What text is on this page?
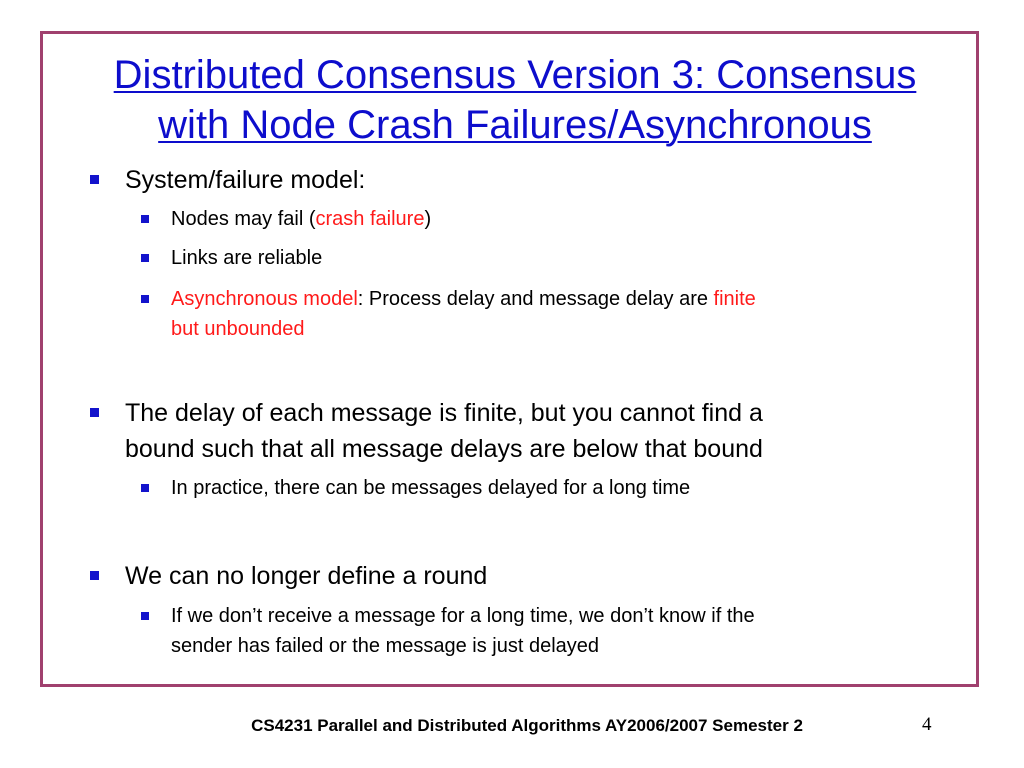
Distributed Consensus Version 3: Consensus
with Node Crash Failures/Asynchronous
System/failure model:
Nodes may fail (crash failure)
Links are reliable
Asynchronous model: Process delay and message delay are finite
but unbounded
The delay of each message is finite, but you cannot find a
bound such that all message delays are below that bound
In practice, there can be messages delayed for a long time
We can no longer define a round
If we don’t receive a message for a long time, we don’t know if the
sender has failed or the message is just delayed
CS4231 Parallel and Distributed Algorithms AY2006/2007 Semester 2	4
